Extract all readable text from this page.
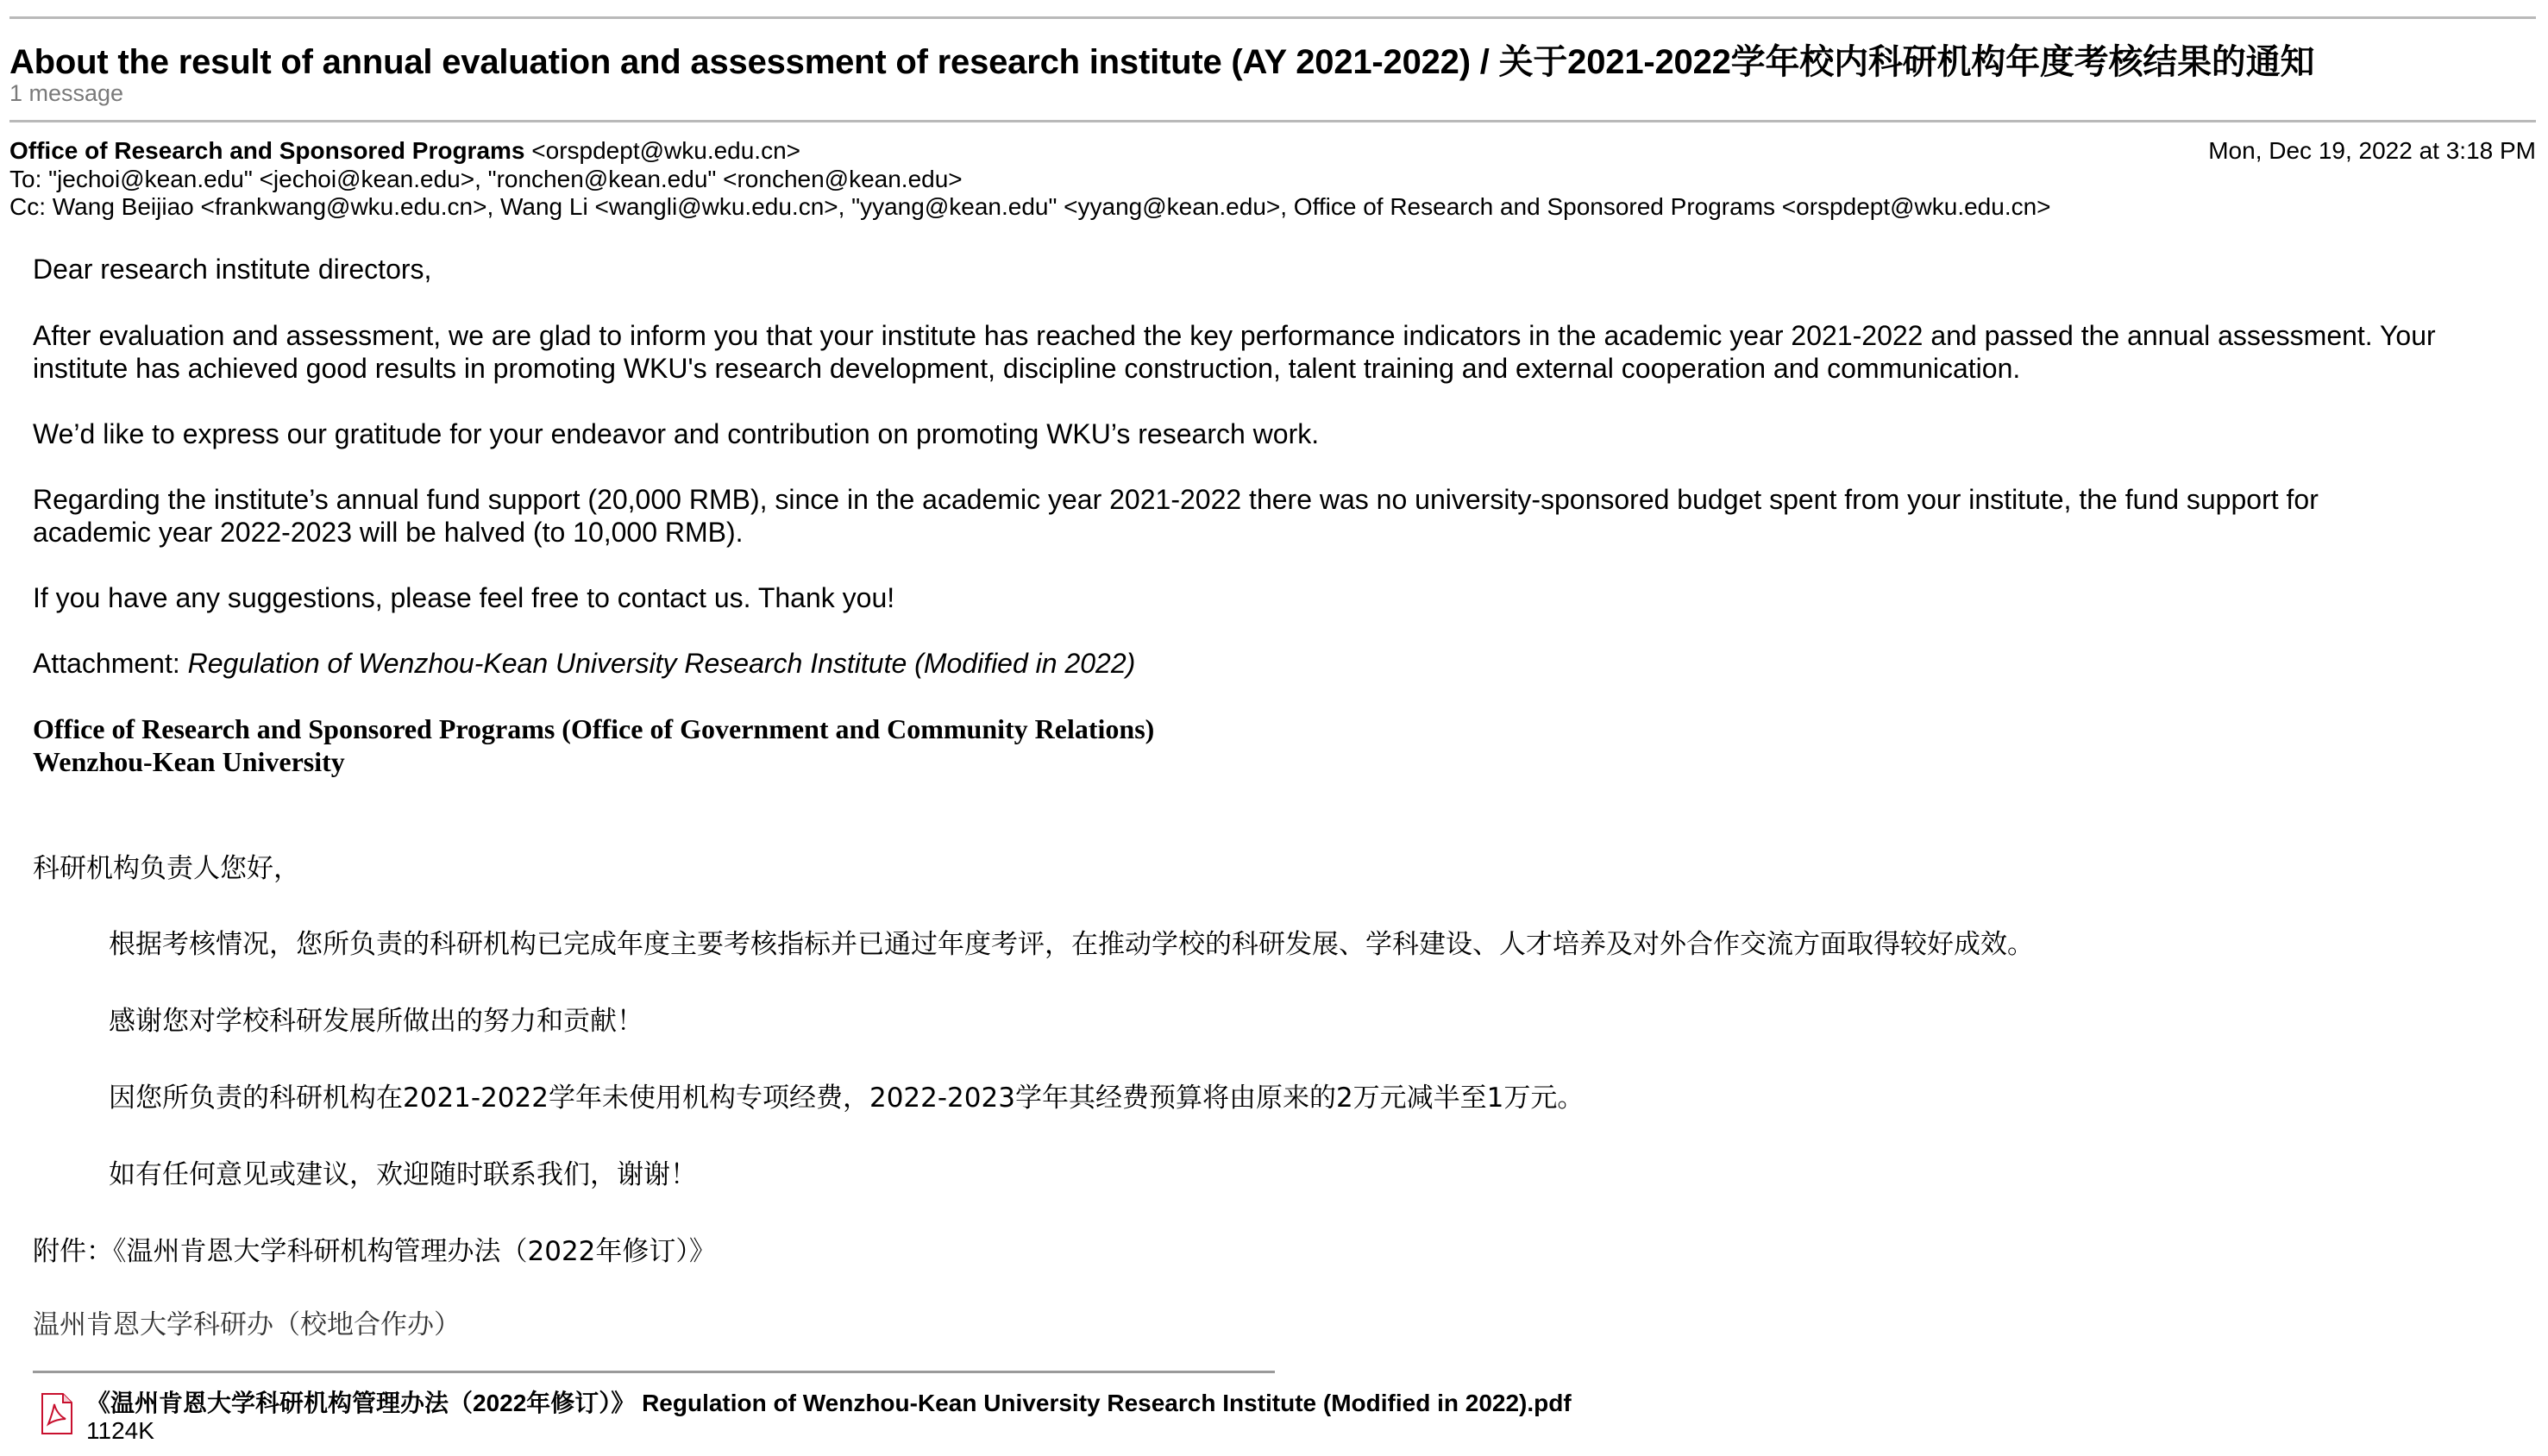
About the result of annual evaluation and assessment of research institute (AY 2021-2022) / 关于2021-2022学年校内科研机构年度考核结果的通知
1 message
Office of Research and Sponsored Programs <orspdept@wku.edu.cn>	Mon, Dec 19, 2022 at 3:18 PM
To: "jechoi@kean.edu" <jechoi@kean.edu>, "ronchen@kean.edu" <ronchen@kean.edu>
Cc: Wang Beijiao <frankwang@wku.edu.cn>, Wang Li <wangli@wku.edu.cn>, "yyang@kean.edu" <yyang@kean.edu>, Office of Research and Sponsored Programs <orspdept@wku.edu.cn>
Dear research institute directors,
After evaluation and assessment, we are glad to inform you that your institute has reached the key performance indicators in the academic year 2021-2022 and passed the annual assessment. Your
institute has achieved good results in promoting WKU's research development, discipline construction, talent training and external cooperation and communication.
We’d like to express our gratitude for your endeavor and contribution on promoting WKU’s research work.
Regarding the institute’s annual fund support (20,000 RMB), since in the academic year 2021-2022 there was no university-sponsored budget spent from your institute, the fund support for
academic year 2022-2023 will be halved (to 10,000 RMB).
If you have any suggestions, please feel free to contact us. Thank you!
Attachment: Regulation of Wenzhou-Kean University Research Institute (Modified in 2022)
Office of Research and Sponsored Programs (Office of Government and Community Relations)
Wenzhou-Kean University
科研机构负责人您好，
根据考核情况，您所负责的科研机构已完成年度主要考核指标并已通过年度考评，在推动学校的科研发展、学科建设、人才培养及对外合作交流方面取得较好成效。
感谢您对学校科研发展所做出的努力和贡献！
因您所负责的科研机构在2021-2022学年未使用机构专项经费，2022-2023学年其经费预算将由原来的2万元减半至1万元。
如有任何意见或建议，欢迎随时联系我们，谢谢！
附件：《温州肯恩大学科研机构管理办法（2022年修订）》
温州肯恩大学科研办（校地合作办）
《温州肯恩大学科研机构管理办法（2022年修订）》 Regulation of Wenzhou-Kean University Research Institute (Modified in 2022).pdf
1124K
